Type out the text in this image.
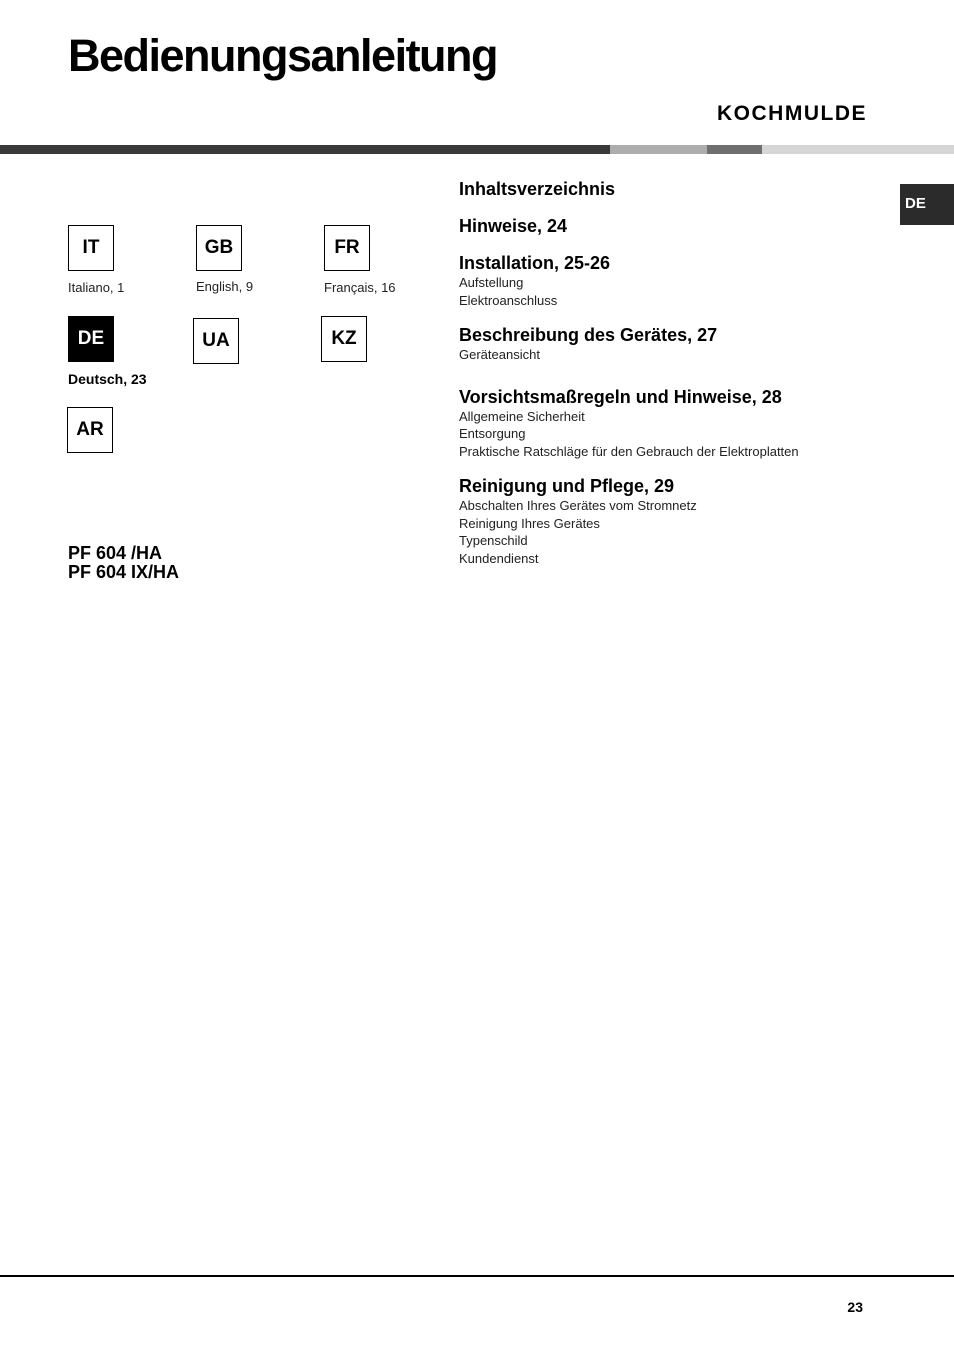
Bedienungsanleitung
KOCHMULDE
DE
IT
Italiano, 1
GB
English, 9
FR
Français, 16
DE
Deutsch, 23
UA	KZ
AR
PF 604 /HA
PF 604 IX/HA
Inhaltsverzeichnis
Hinweise, 24
Installation, 25-26
Aufstellung
Elektroanschluss
Beschreibung des Gerätes, 27
Geräteansicht
Vorsichtsmaßregeln und Hinweise, 28
Allgemeine Sicherheit
Entsorgung
Praktische Ratschläge für den Gebrauch der Elektroplatten
Reinigung und Pflege, 29
Abschalten Ihres Gerätes vom Stromnetz
Reinigung Ihres Gerätes
Typenschild
Kundendienst
23
